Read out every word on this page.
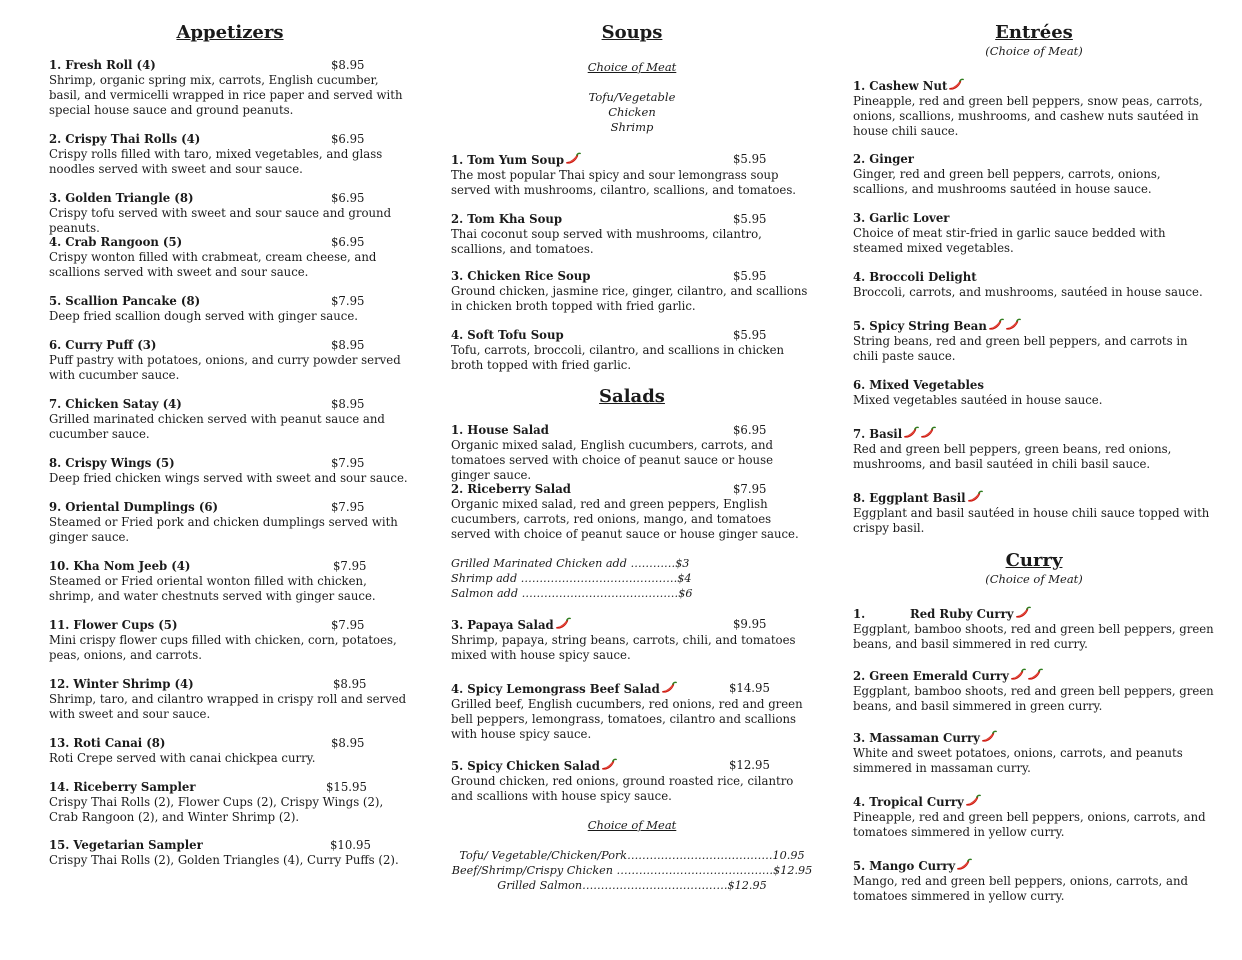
Appetizers
1. Fresh Roll (4)	$8.95
Shrimp, organic spring mix, carrots, English cucumber, basil, and vermicelli wrapped in rice paper and served with special house sauce and ground peanuts.
2. Crispy Thai Rolls (4)	$6.95
Crispy rolls filled with taro, mixed vegetables, and glass noodles served with sweet and sour sauce.
3. Golden Triangle (8)	$6.95
Crispy tofu served with sweet and sour sauce and ground peanuts.
4. Crab Rangoon (5)	$6.95
Crispy wonton filled with crabmeat, cream cheese, and scallions served with sweet and sour sauce.
5. Scallion Pancake (8)	$7.95
Deep fried scallion dough served with ginger sauce.
6. Curry Puff (3)	$8.95
Puff pastry with potatoes, onions, and curry powder served with cucumber sauce.
7. Chicken Satay (4)	$8.95
Grilled marinated chicken served with peanut sauce and cucumber sauce.
8. Crispy Wings (5)	$7.95
Deep fried chicken wings served with sweet and sour sauce.
9. Oriental Dumplings (6)	$7.95
Steamed or Fried pork and chicken dumplings served with ginger sauce.
10. Kha Nom Jeeb (4)	$7.95
Steamed or Fried oriental wonton filled with chicken, shrimp, and water chestnuts served with ginger sauce.
11. Flower Cups (5)	$7.95
Mini crispy flower cups filled with chicken, corn, potatoes, peas, onions, and carrots.
12. Winter Shrimp (4)	$8.95
Shrimp, taro, and cilantro wrapped in crispy roll and served with sweet and sour sauce.
13. Roti Canai (8)	$8.95
Roti Crepe served with canai chickpea curry.
14. Riceberry Sampler	$15.95
Crispy Thai Rolls (2), Flower Cups (2), Crispy Wings (2), Crab Rangoon (2), and Winter Shrimp (2).
15. Vegetarian Sampler	$10.95
Crispy Thai Rolls (2), Golden Triangles (4), Curry Puffs (2).
Soups
Choice of Meat
Tofu/Vegetable
Chicken
Shrimp
1. Tom Yum Soup	$5.95
The most popular Thai spicy and sour lemongrass soup served with mushrooms, cilantro, scallions, and tomatoes.
2. Tom Kha Soup	$5.95
Thai coconut soup served with mushrooms, cilantro, scallions, and tomatoes.
3. Chicken Rice Soup	$5.95
Ground chicken, jasmine rice, ginger, cilantro, and scallions in chicken broth topped with fried garlic.
4. Soft Tofu Soup	$5.95
Tofu, carrots, broccoli, cilantro, and scallions in chicken broth topped with fried garlic.
Salads
1. House Salad	$6.95
Organic mixed salad, English cucumbers, carrots, and tomatoes served with choice of peanut sauce or house ginger sauce.
2. Riceberry Salad	$7.95
Organic mixed salad, red and green peppers, English cucumbers, carrots, red onions, mango, and tomatoes served with choice of peanut sauce or house ginger sauce.
Grilled Marinated Chicken add …………$3
Shrimp add ……………………………………$4
Salmon add ……………………………………$6
3. Papaya Salad	$9.95
Shrimp, papaya, string beans, carrots, chili, and tomatoes mixed with house spicy sauce.
4. Spicy Lemongrass Beef Salad	$14.95
Grilled beef, English cucumbers, red onions, red and green bell peppers, lemongrass, tomatoes, cilantro and scallions with house spicy sauce.
5. Spicy Chicken Salad	$12.95
Ground chicken, red onions, ground roasted rice, cilantro and scallions with house spicy sauce.
Choice of Meat
Tofu/ Vegetable/Chicken/Pork…………………………………10.95
Beef/Shrimp/Crispy Chicken ……………………………………$12.95
Grilled Salmon…………………………………$12.95
Entrées
(Choice of Meat)
1. Cashew Nut
Pineapple, red and green bell peppers, snow peas, carrots, onions, scallions, mushrooms, and cashew nuts sautéed in house chili sauce.
2. Ginger
Ginger, red and green bell peppers, carrots, onions, scallions, and mushrooms sautéed in house sauce.
3. Garlic Lover
Choice of meat stir-fried in garlic sauce bedded with steamed mixed vegetables.
4. Broccoli Delight
Broccoli, carrots, and mushrooms, sautéed in house sauce.
5. Spicy String Bean
String beans, red and green bell peppers, and carrots in chili paste sauce.
6. Mixed Vegetables
Mixed vegetables sautéed in house sauce.
7. Basil
Red and green bell peppers, green beans, red onions, mushrooms, and basil sautéed in chili basil sauce.
8. Eggplant Basil
Eggplant and basil sautéed in house chili sauce topped with crispy basil.
Curry
(Choice of Meat)
1.	Red Ruby Curry
Eggplant, bamboo shoots, red and green bell peppers, green beans, and basil simmered in red curry.
2. Green Emerald Curry
Eggplant, bamboo shoots, red and green bell peppers, green beans, and basil simmered in green curry.
3. Massaman Curry
White and sweet potatoes, onions, carrots, and peanuts simmered in massaman curry.
4. Tropical Curry
Pineapple, red and green bell peppers, onions, carrots, and tomatoes simmered in yellow curry.
5. Mango Curry
Mango, red and green bell peppers, onions, carrots, and tomatoes simmered in yellow curry.
